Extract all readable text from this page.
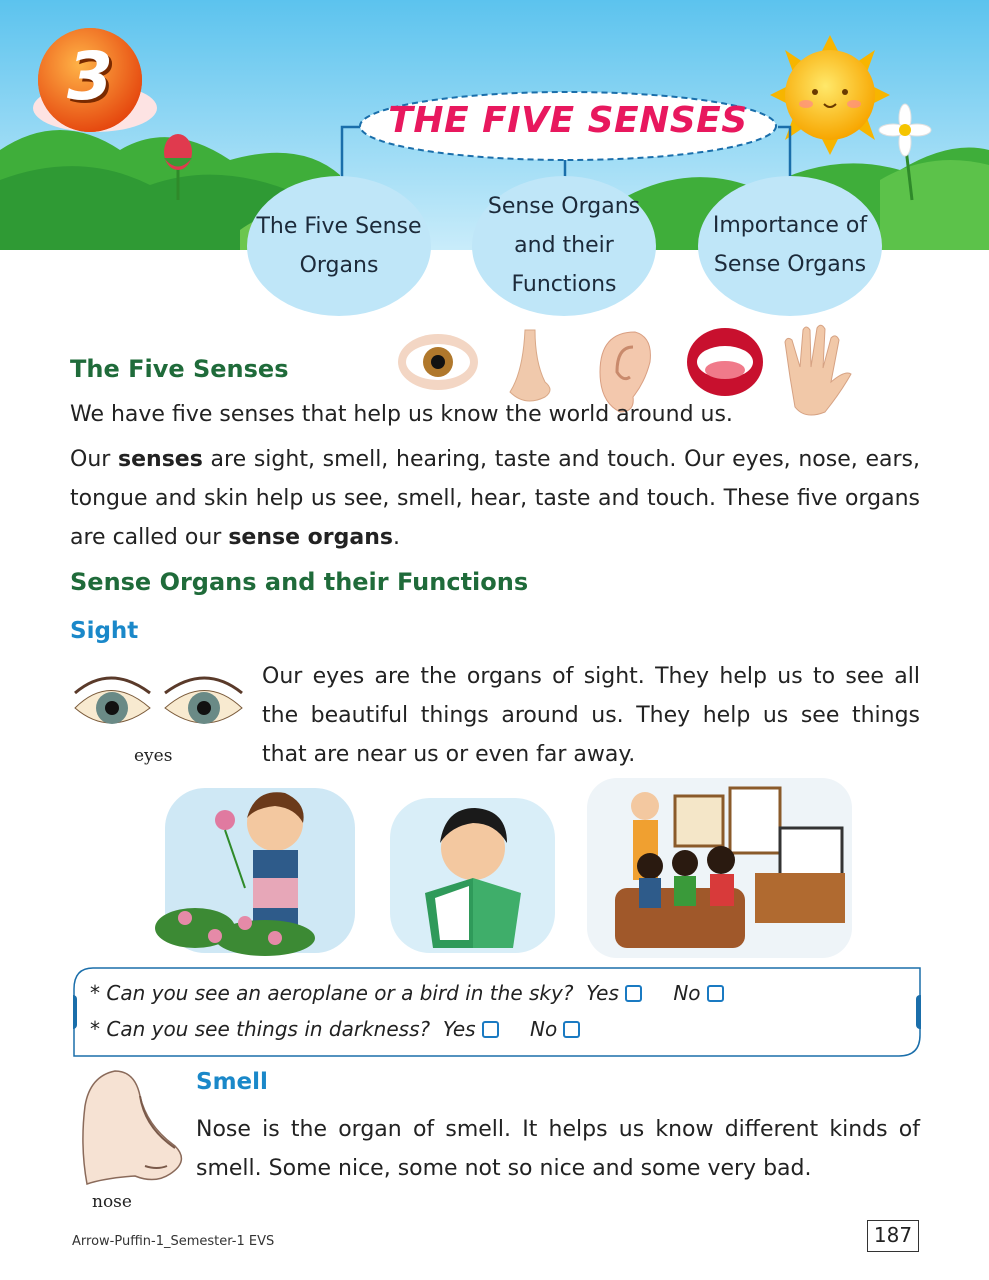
3
THE FIVE SENSES
The Five Sense Organs
Sense Organs and their Functions
Importance of Sense Organs
The Five Senses
We have five senses that help us know the world around us.
Our senses are sight, smell, hearing, taste and touch. Our eyes, nose, ears, tongue and skin help us see, smell, hear, taste and touch. These five organs are called our sense organs.
Sense Organs and their Functions
Sight
eyes
Our eyes are the organs of sight. They help us to see all the beautiful things around us. They help us see things that are near us or even far away.
* Can you see an aeroplane or a bird in the sky? Yes	No
* Can you see things in darkness? Yes	No
nose
Smell
Nose is the organ of smell. It helps us know different kinds of smell. Some nice, some not so nice and some very bad.
Arrow-Puffin-1_Semester-1 EVS	187
